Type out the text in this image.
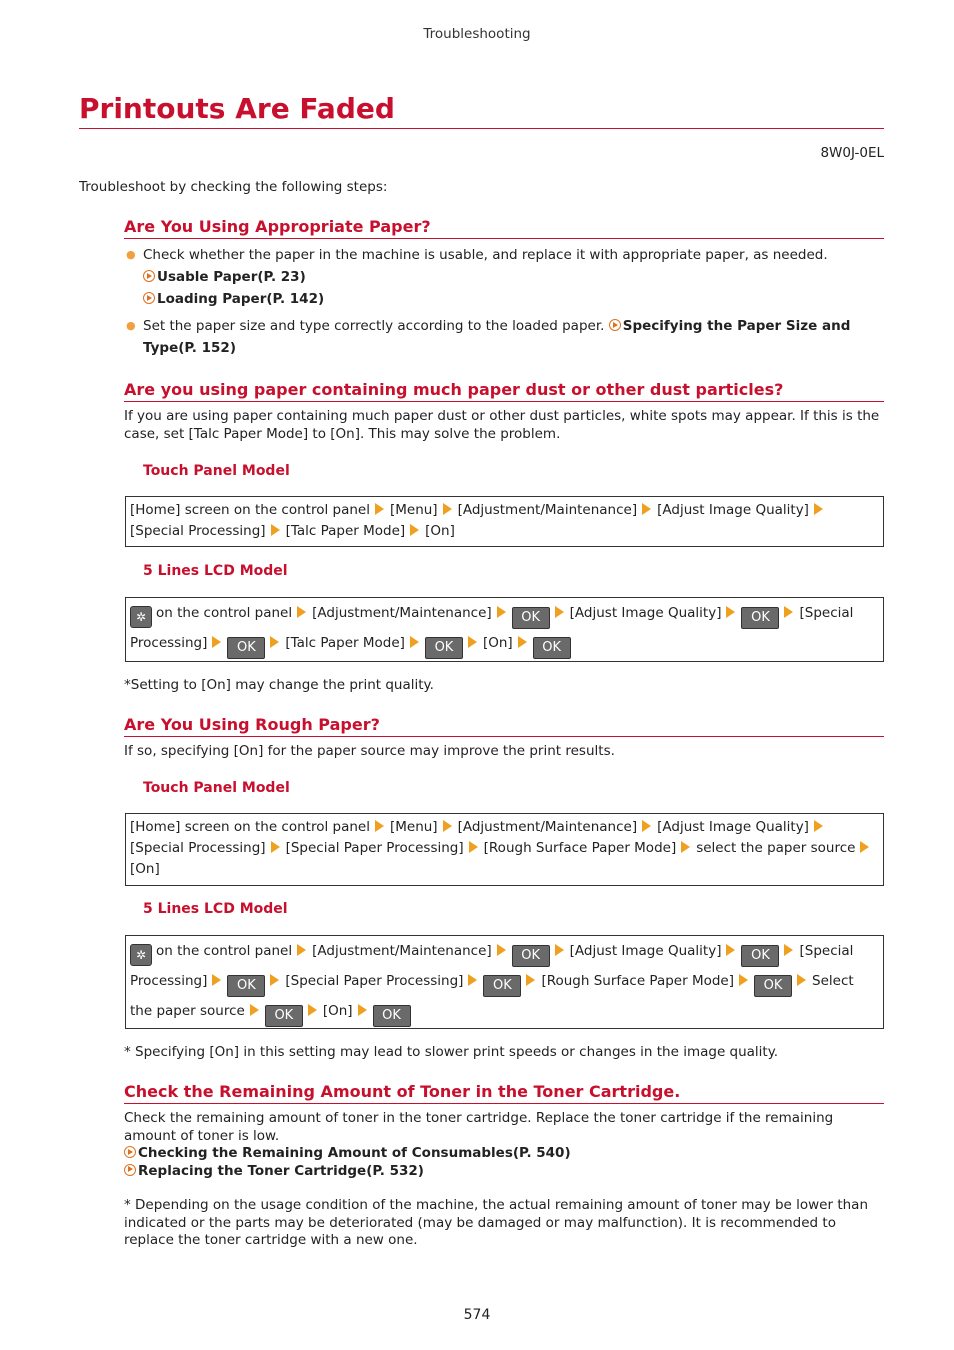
Troubleshooting
Printouts Are Faded
8W0J-0EL
Troubleshoot by checking the following steps:
Are You Using Appropriate Paper?
● Check whether the paper in the machine is usable, and replace it with appropriate paper, as needed.
Usable Paper(P. 23)
Loading Paper(P. 142)
● Set the paper size and type correctly according to the loaded paper. Specifying the Paper Size and Type(P. 152)
Are you using paper containing much paper dust or other dust particles?

If you are using paper containing much paper dust or other dust particles, white spots may appear. If this is the case, set [Talc Paper Mode] to [On]. This may solve the problem.

Touch Panel Model
[Home] screen on the control panel [Menu] [Adjustment/Maintenance] [Adjust Image Quality]
[Special Processing] [Talc Paper Mode] [On]
5 Lines LCD Model
✲ on the control panel [Adjustment/Maintenance] OK [Adjust Image Quality] OK [Special Processing] OK [Talc Paper Mode] OK [On] OK
*Setting to [On] may change the print quality.
Are You Using Rough Paper?

If so, specifying [On] for the paper source may improve the print results.

Touch Panel Model
[Home] screen on the control panel [Menu] [Adjustment/Maintenance] [Adjust Image Quality]
[Special Processing] [Special Paper Processing] [Rough Surface Paper Mode] select the paper source
[On]
5 Lines LCD Model
✲ on the control panel [Adjustment/Maintenance] OK [Adjust Image Quality] OK [Special Processing] OK [Special Paper Processing] OK [Rough Surface Paper Mode] OK Select the paper source OK [On] OK
* Specifying [On] in this setting may lead to slower print speeds or changes in the image quality.
Check the Remaining Amount of Toner in the Toner Cartridge.

Check the remaining amount of toner in the toner cartridge. Replace the toner cartridge if the remaining amount of toner is low.

Checking the Remaining Amount of Consumables(P. 540)
Replacing the Toner Cartridge(P. 532)

* Depending on the usage condition of the machine, the actual remaining amount of toner may be lower than indicated or the parts may be deteriorated (may be damaged or may malfunction). It is recommended to replace the toner cartridge with a new one.

574
